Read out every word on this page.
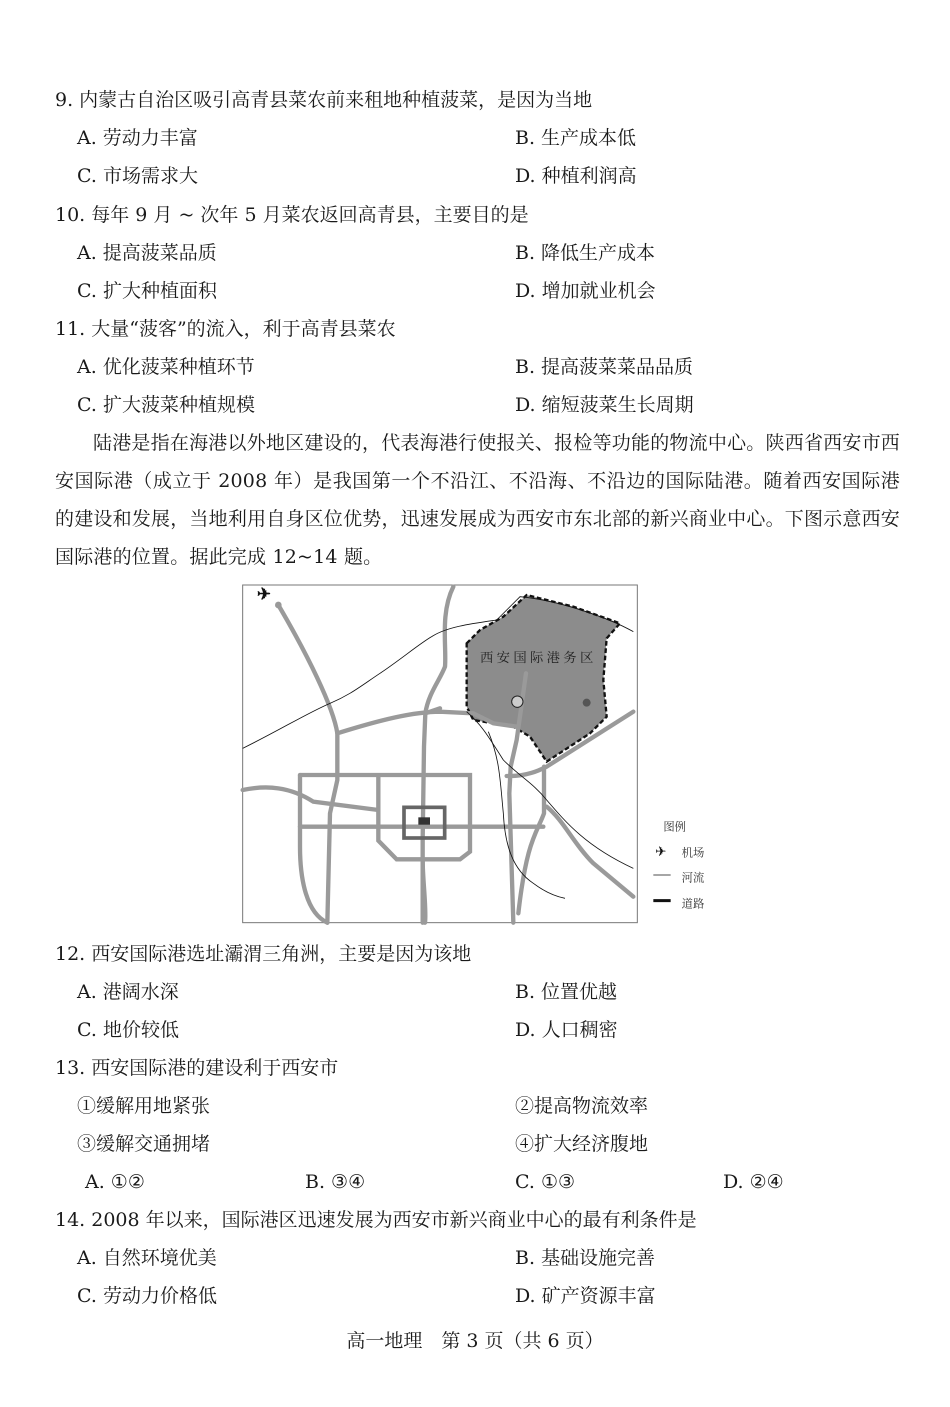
9. 内蒙古自治区吸引高青县菜农前来租地种植菠菜，是因为当地
A. 劳动力丰富	B. 生产成本低
C. 市场需求大	D. 种植利润高
10. 每年 9 月 ~ 次年 5 月菜农返回高青县，主要目的是
A. 提高菠菜品质	B. 降低生产成本
C. 扩大种植面积	D. 增加就业机会
11. 大量“菠客”的流入，利于高青县菜农
A. 优化菠菜种植环节	B. 提高菠菜菜品品质
C. 扩大菠菜种植规模	D. 缩短菠菜生长周期
陆港是指在海港以外地区建设的，代表海港行使报关、报检等功能的物流中心。陕西省西安市西安国际港（成立于 2008 年）是我国第一个不沿江、不沿海、不沿边的国际陆港。随着西安国际港的建设和发展，当地利用自身区位优势，迅速发展成为西安市东北部的新兴商业中心。下图示意西安国际港的位置。据此完成 12~14 题。
✈
西安国际港务区
图例
✈ 机场
河流
道路
12. 西安国际港选址灞渭三角洲，主要是因为该地
A. 港阔水深	B. 位置优越
C. 地价较低	D. 人口稠密
13. 西安国际港的建设利于西安市
①缓解用地紧张	②提高物流效率
③缓解交通拥堵	④扩大经济腹地
A. ①②	B. ③④	C. ①③	D. ②④
14. 2008 年以来，国际港区迅速发展为西安市新兴商业中心的最有利条件是
A. 自然环境优美	B. 基础设施完善
C. 劳动力价格低	D. 矿产资源丰富
高一地理　第 3 页（共 6 页）
